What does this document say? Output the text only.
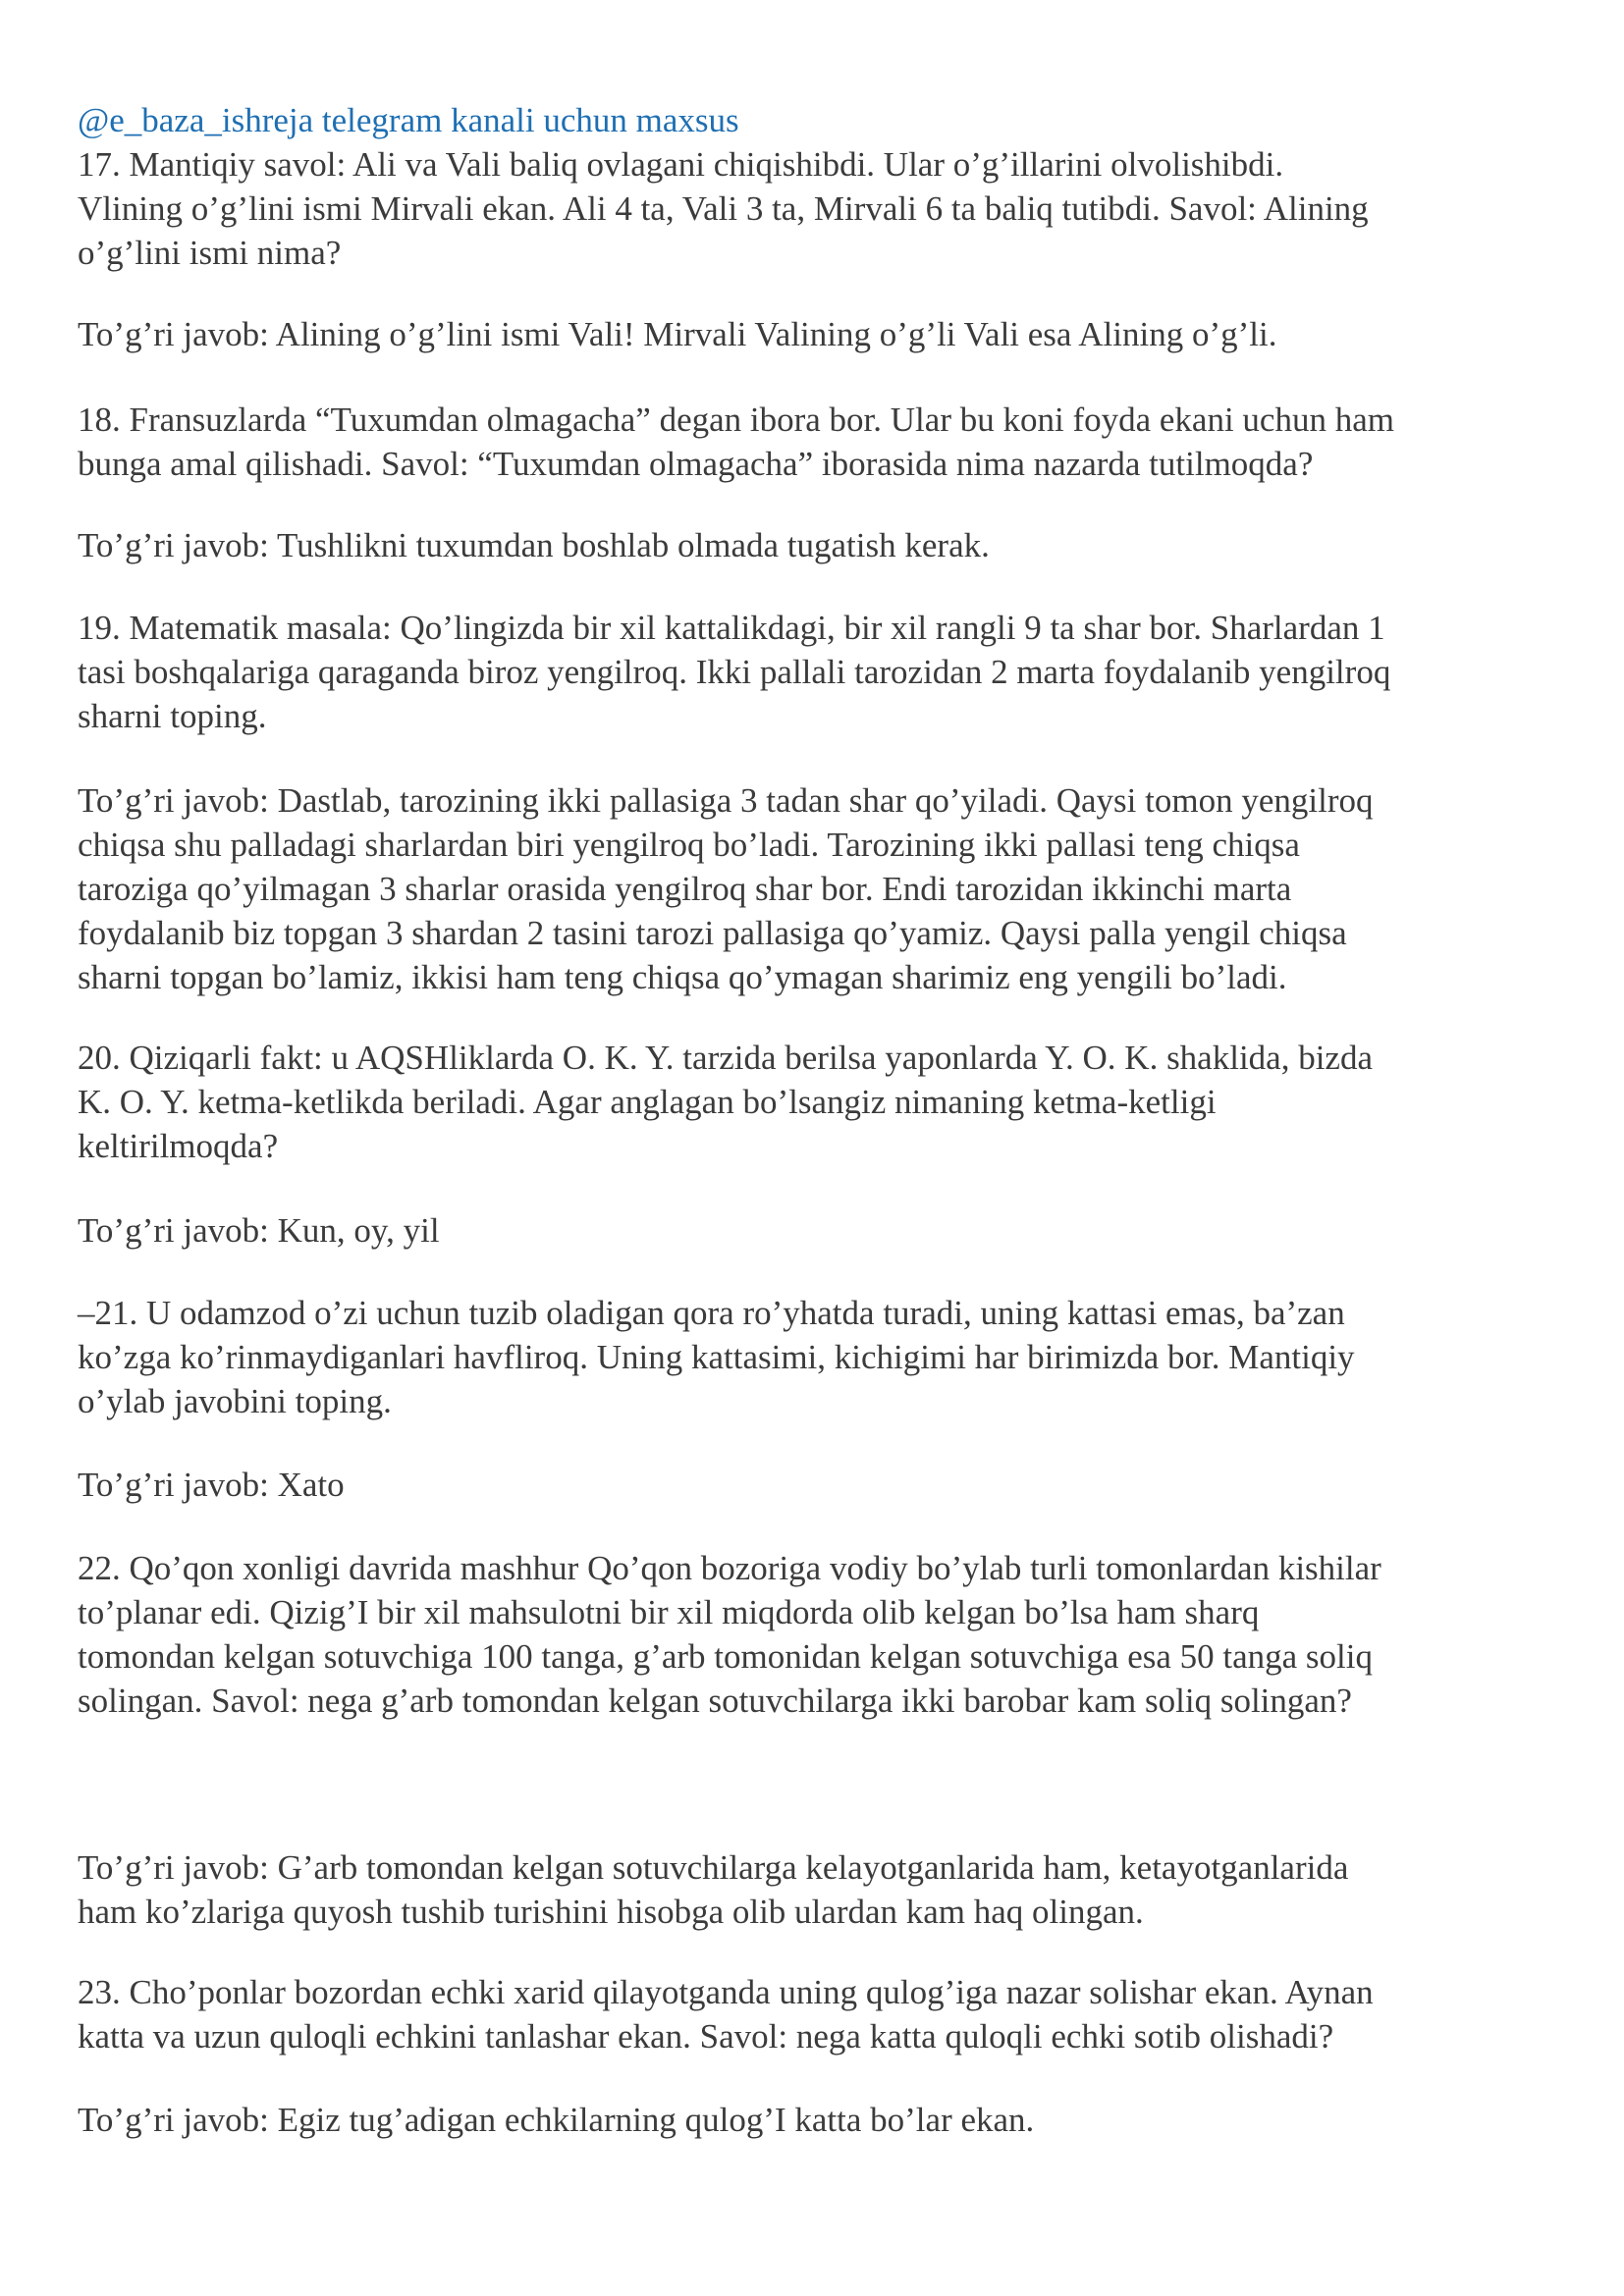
@e_baza_ishreja telegram kanali uchun maxsus

17. Mantiqiy savol: Ali va Vali baliq ovlagani chiqishibdi. Ular o’g’illarini olvolishibdi.

Vlining o’g’lini ismi Mirvali ekan. Ali 4 ta, Vali 3 ta, Mirvali 6 ta baliq tutibdi. Savol: Alining

o’g’lini ismi nima?

To’g’ri javob: Alining o’g’lini ismi Vali! Mirvali Valining o’g’li Vali esa Alining o’g’li.

18. Fransuzlarda “Tuxumdan olmagacha” degan ibora bor. Ular bu koni foyda ekani uchun ham

bunga amal qilishadi. Savol: “Tuxumdan olmagacha” iborasida nima nazarda tutilmoqda?

To’g’ri javob: Tushlikni tuxumdan boshlab olmada tugatish kerak.

19. Matematik masala: Qo’lingizda bir xil kattalikdagi, bir xil rangli 9 ta shar bor. Sharlardan 1

tasi boshqalariga qaraganda biroz yengilroq. Ikki pallali tarozidan 2 marta foydalanib yengilroq

sharni toping.

To’g’ri javob: Dastlab, tarozining ikki pallasiga 3 tadan shar qo’yiladi. Qaysi tomon yengilroq

chiqsa shu palladagi sharlardan biri yengilroq bo’ladi. Tarozining ikki pallasi teng chiqsa

taroziga qo’yilmagan 3 sharlar orasida yengilroq shar bor. Endi tarozidan ikkinchi marta

foydalanib biz topgan 3 shardan 2 tasini tarozi pallasiga qo’yamiz. Qaysi palla yengil chiqsa

sharni topgan bo’lamiz, ikkisi ham teng chiqsa qo’ymagan sharimiz eng yengili bo’ladi.

20. Qiziqarli fakt: u AQSHliklarda O. K. Y. tarzida berilsa yaponlarda Y. O. K. shaklida, bizda

K. O. Y. ketma-ketlikda beriladi. Agar anglagan bo’lsangiz nimaning ketma-ketligi

keltirilmoqda?

To’g’ri javob: Kun, oy, yil

–21. U odamzod o’zi uchun tuzib oladigan qora ro’yhatda turadi, uning kattasi emas, ba’zan

ko’zga ko’rinmaydiganlari havfliroq. Uning kattasimi, kichigimi har birimizda bor. Mantiqiy

o’ylab javobini toping.

To’g’ri javob: Xato

22. Qo’qon xonligi davrida mashhur Qo’qon bozoriga vodiy bo’ylab turli tomonlardan kishilar

to’planar edi. Qizig’I bir xil mahsulotni bir xil miqdorda olib kelgan bo’lsa ham sharq

tomondan kelgan sotuvchiga 100 tanga, g’arb tomonidan kelgan sotuvchiga esa 50 tanga soliq

solingan. Savol: nega g’arb tomondan kelgan sotuvchilarga ikki barobar kam soliq solingan?

To’g’ri javob: G’arb tomondan kelgan sotuvchilarga kelayotganlarida ham, ketayotganlarida

ham ko’zlariga quyosh tushib turishini hisobga olib ulardan kam haq olingan.

23. Cho’ponlar bozordan echki xarid qilayotganda uning qulog’iga nazar solishar ekan. Aynan

katta va uzun quloqli echkini tanlashar ekan. Savol: nega katta quloqli echki sotib olishadi?

To’g’ri javob: Egiz tug’adigan echkilarning qulog’I katta bo’lar ekan.
